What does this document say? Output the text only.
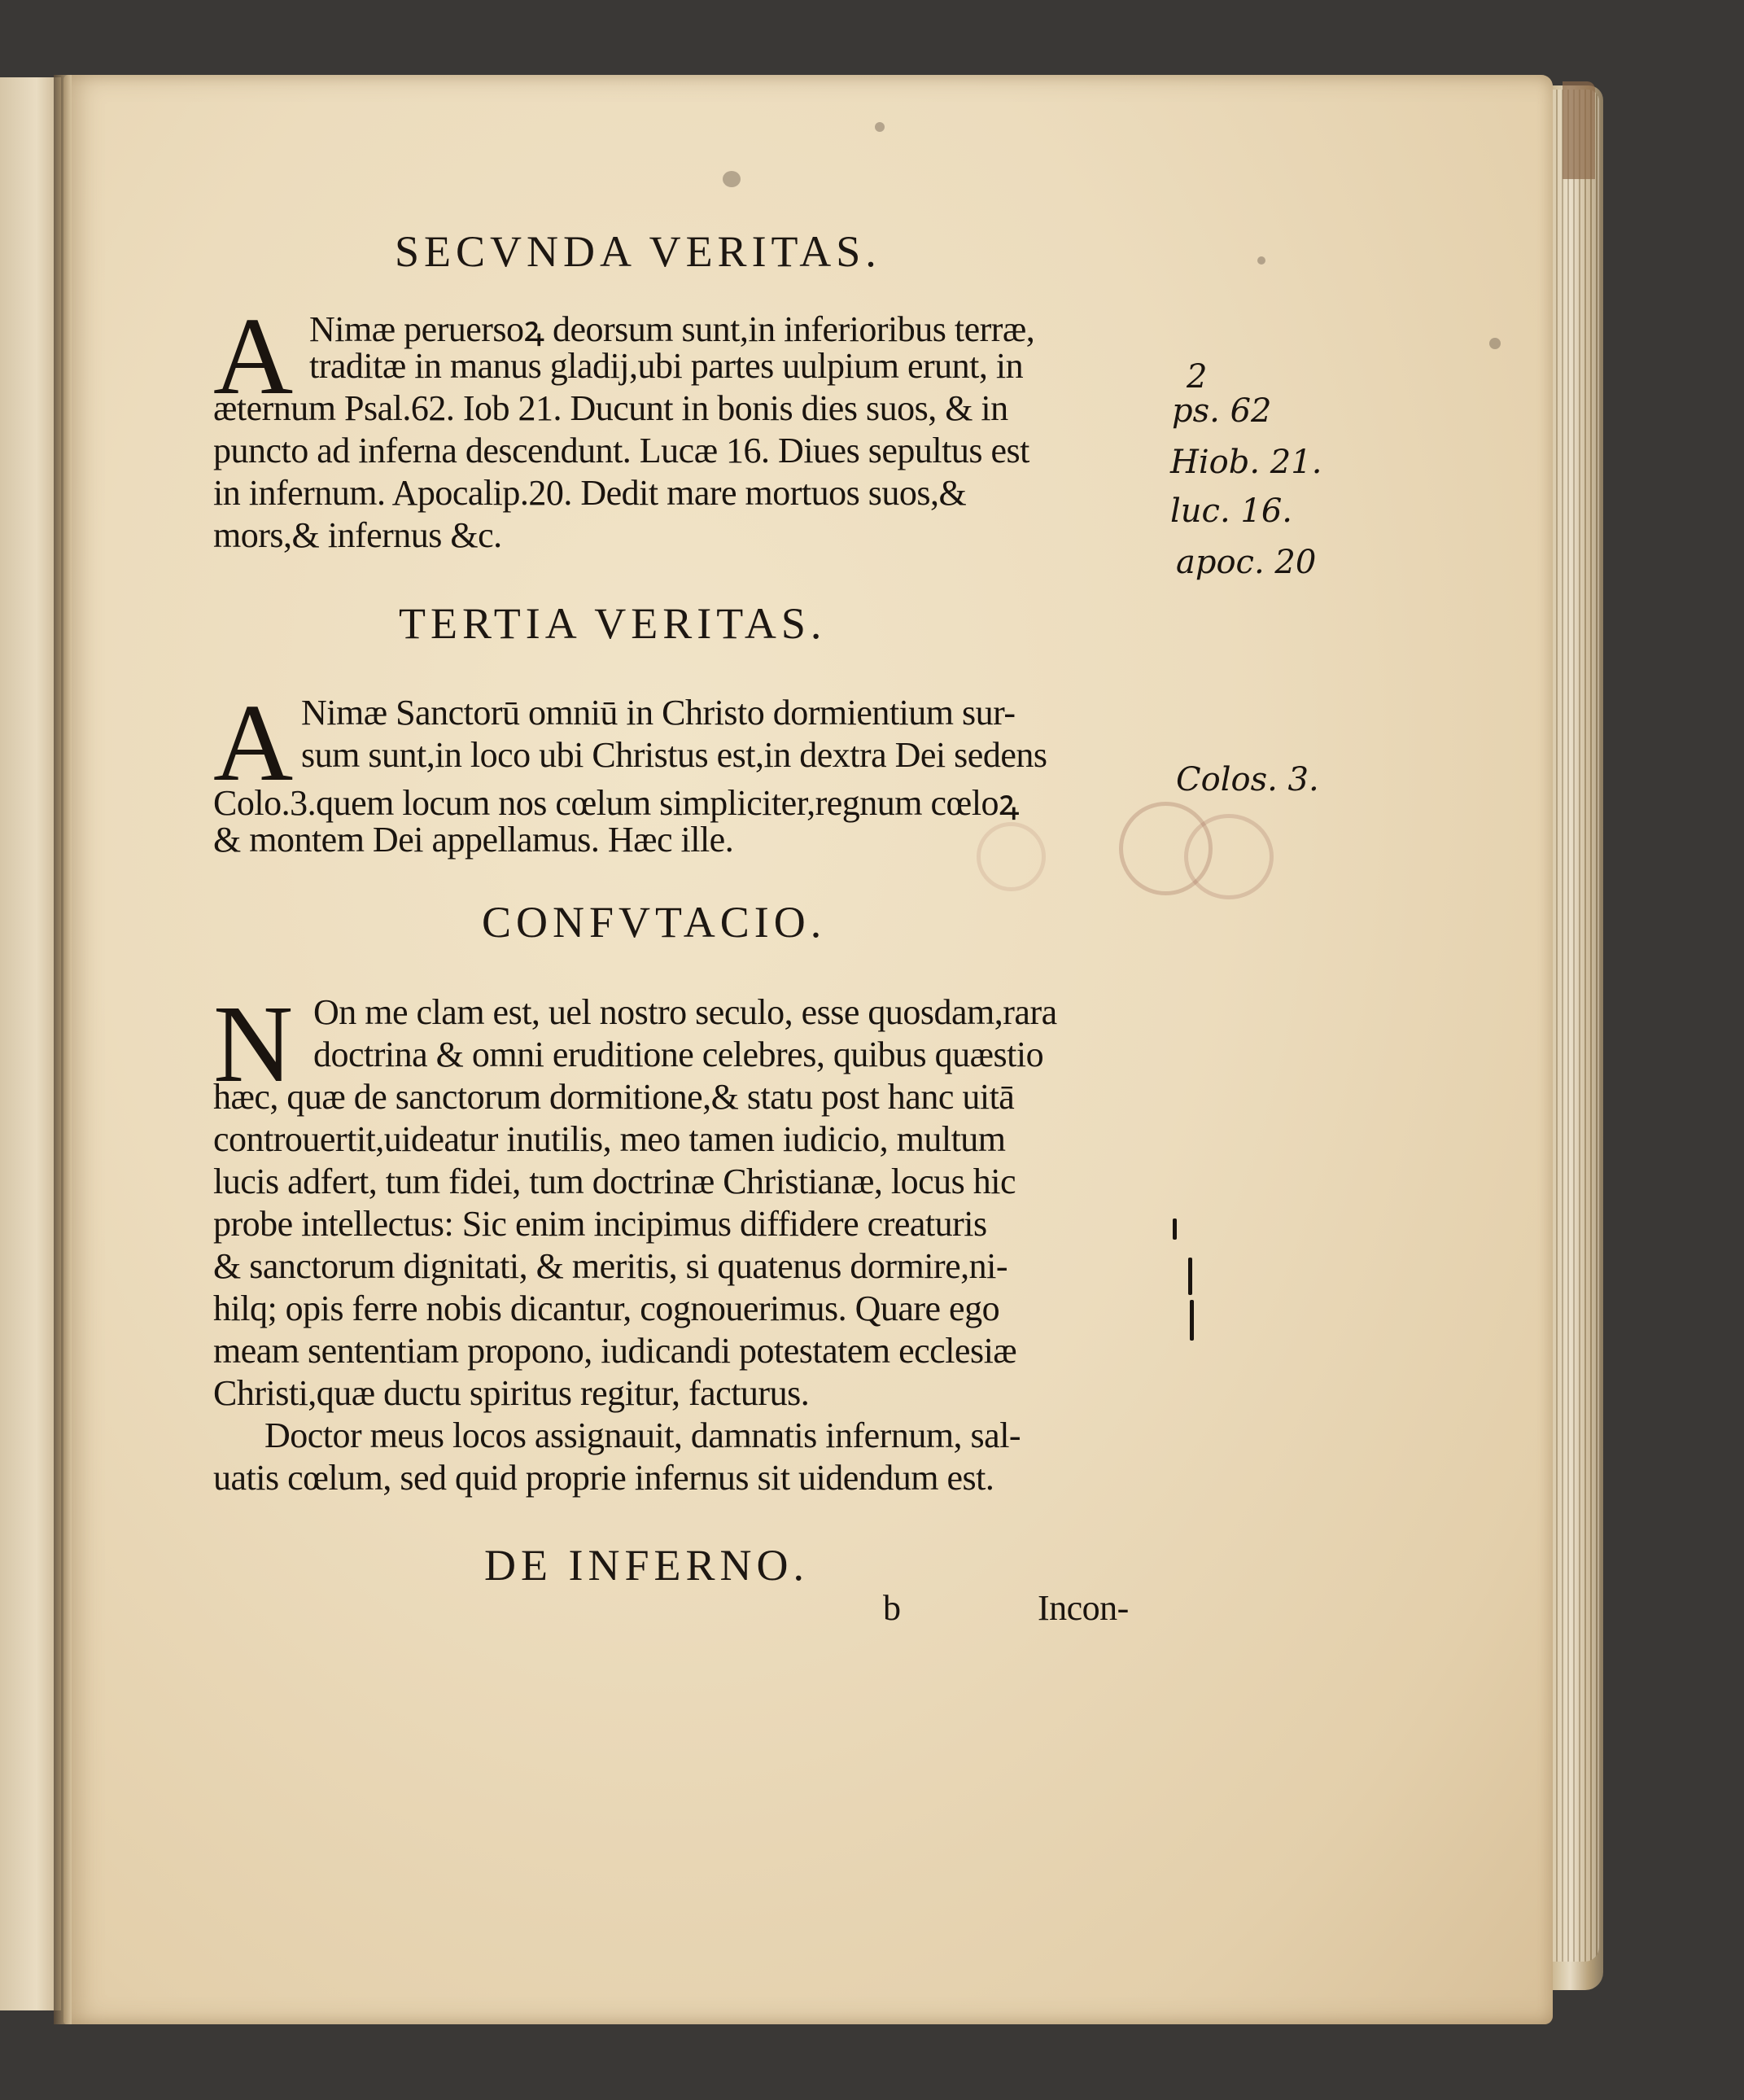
SECVNDA VERITAS.
A Nimæ peruersoꝝ deorsum sunt,in inferioribus terræ,
traditæ in manus gladij,ubi partes uulpium erunt, in
æternum Psal.62. Iob 21. Ducunt in bonis dies suos, & in
puncto ad inferna descendunt. Lucæ 16. Diues sepultus est
in infernum. Apocalip.20. Dedit mare mortuos suos,&
mors,& infernus &c.
TERTIA VERITAS.
A Nimæ Sanctorū omniū in Christo dormientium sur-
sum sunt,in loco ubi Christus est,in dextra Dei sedens
Colo.3.quem locum nos cœlum simpliciter,regnum cœloꝝ
& montem Dei appellamus. Hæc ille.
CONFVTACIO.
N On me clam est, uel nostro seculo, esse quosdam,rara
doctrina & omni eruditione celebres, quibus quæstio
hæc, quæ de sanctorum dormitione,& statu post hanc uitā
controuertit,uideatur inutilis, meo tamen iudicio, multum
lucis adfert, tum fidei, tum doctrinæ Christianæ, locus hic
probe intellectus: Sic enim incipimus diffidere creaturis
& sanctorum dignitati, & meritis, si quatenus dormire,ni-
hilq; opis ferre nobis dicantur, cognouerimus. Quare ego
meam sententiam propono, iudicandi potestatem ecclesiæ
Christi,quæ ductu spiritus regitur, facturus.
Doctor meus locos assignauit, damnatis infernum, sal-
uatis cœlum, sed quid proprie infernus sit uidendum est.
DE INFERNO.
b	Incon-
2
ps. 62
Hiob. 21.
luc. 16.
apoc. 20
Colos. 3.
